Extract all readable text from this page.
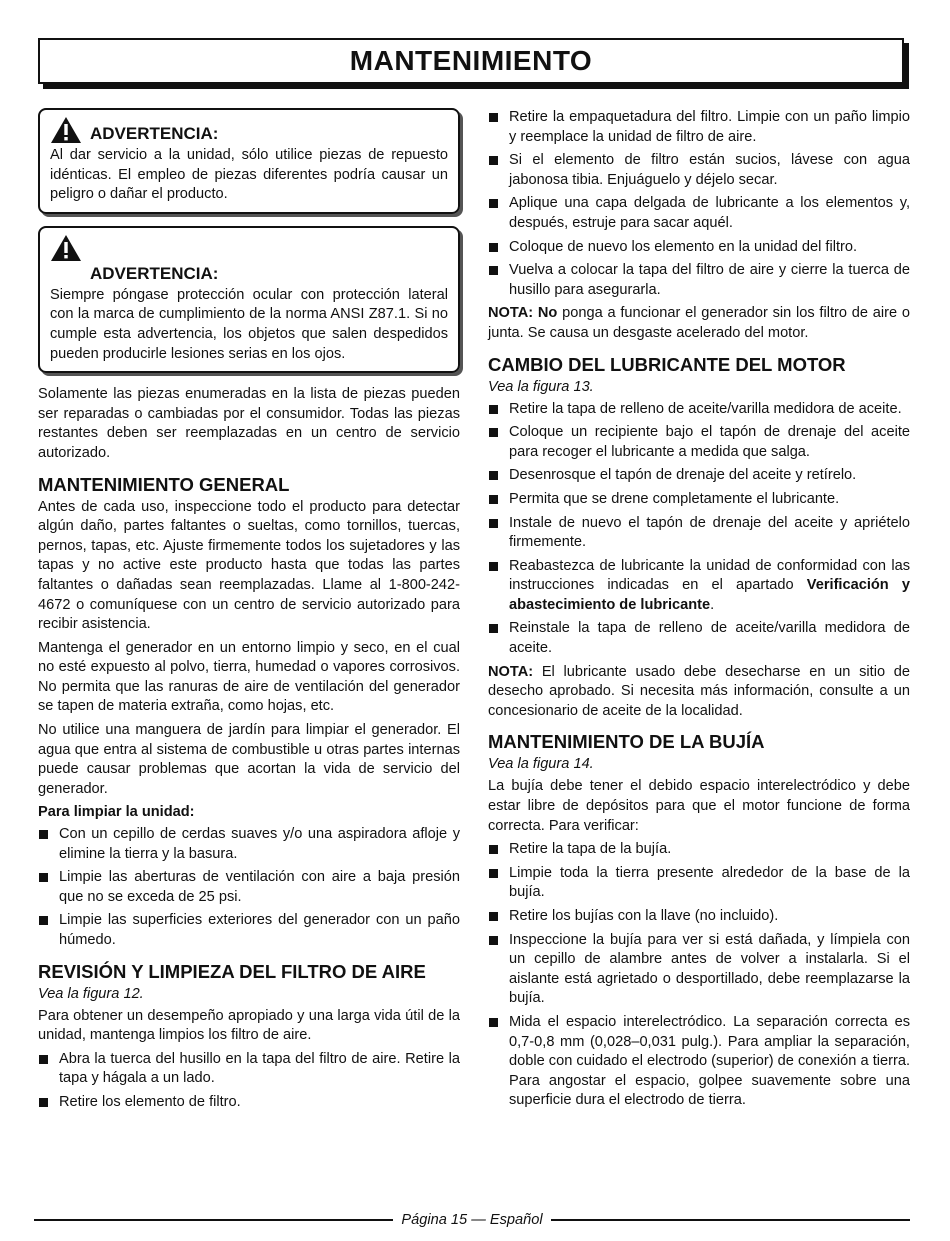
MANTENIMIENTO
ADVERTENCIA:

Al dar servicio a la unidad, sólo utilice piezas de repuesto idénticas. El empleo de piezas diferentes podría causar un peligro o dañar el producto.

ADVERTENCIA:

Siempre póngase protección ocular con protección lateral con la marca de cumplimiento de la norma ANSI Z87.1. Si no cumple esta advertencia, los objetos que salen despedidos pueden producirle lesiones serias en los ojos.

Solamente las piezas enumeradas en la lista de piezas pueden ser reparadas o cambiadas por el consumidor. Todas las piezas restantes deben ser reemplazadas en un centro de servicio autorizado.

MANTENIMIENTO GENERAL

Antes de cada uso, inspeccione todo el producto para detectar algún daño, partes faltantes o sueltas, como tornillos, tuercas, pernos, tapas, etc. Ajuste firmemente todos los sujetadores y las tapas y no active este producto hasta que todas las partes faltantes o dañadas sean reemplazadas. Llame al 1-800-242-4672 o comuníquese con un centro de servicio autorizado para recibir asistencia.

Mantenga el generador en un entorno limpio y seco, en el cual no esté expuesto al polvo, tierra, humedad o vapores corrosivos. No permita que las ranuras de aire de ventilación del generador se tapen de materia extraña, como hojas, etc.

No utilice una manguera de jardín para limpiar el generador. El agua que entra al sistema de combustible u otras partes internas puede causar problemas que acortan la vida de servicio del generador.

Para limpiar la unidad:
Con un cepillo de cerdas suaves y/o una aspiradora afloje y elimine la tierra y la basura.
Limpie las aberturas de ventilación con aire a baja presión que no se exceda de 25 psi.
Limpie las superficies exteriores del generador con un paño húmedo.
REVISIÓN Y LIMPIEZA DEL FILTRO DE AIRE
Vea la figura 12.

Para obtener un desempeño apropiado y una larga vida útil de la unidad, mantenga limpios los filtro de aire.

Abra la tuerca del husillo en la tapa del filtro de aire. Retire la tapa y hágala a un lado.
Retire los elemento de filtro.
Retire la empaquetadura del filtro. Limpie con un paño limpio y reemplace la unidad de filtro de aire.
Si el elemento de filtro están sucios, lávese con agua jabonosa tibia. Enjuáguelo y déjelo secar.
Aplique una capa delgada de lubricante a los elementos y, después, estruje para sacar aquél.
Coloque de nuevo los elemento en la unidad del filtro.
Vuelva a colocar la tapa del filtro de aire y cierre la tuerca de husillo para asegurarla.

NOTA: No ponga a funcionar el generador sin los filtro de aire o junta. Se causa un desgaste acelerado del motor.

CAMBIO DEL LUBRICANTE DEL MOTOR
Vea la figura 13.
Retire la tapa de relleno de aceite/varilla medidora de aceite.
Coloque un recipiente bajo el tapón de drenaje del aceite para recoger el lubricante a medida que salga.
Desenrosque el tapón de drenaje del aceite y retírelo.
Permita que se drene completamente el lubricante.
Instale de nuevo el tapón de drenaje del aceite y apriételo firmemente.
Reabastezca de lubricante la unidad de conformidad con las instrucciones indicadas en el apartado Verificación y abastecimiento de lubricante.
Reinstale la tapa de relleno de aceite/varilla medidora de aceite.

NOTA: El lubricante usado debe desecharse en un sitio de desecho aprobado. Si necesita más información, consulte a un concesionario de aceite de la localidad.

MANTENIMIENTO DE LA BUJÍA
Vea la figura 14.

La bujía debe tener el debido espacio interelectródico y debe estar libre de depósitos para que el motor funcione de forma correcta. Para verificar:

Retire la tapa de la bujía.
Limpie toda la tierra presente alrededor de la base de la bujía.
Retire los bujías con la llave (no incluido).
Inspeccione la bujía para ver si está dañada, y límpiela con un cepillo de alambre antes de volver a instalarla. Si el aislante está agrietado o desportillado, debe reemplazarse la bujía.
Mida el espacio interelectródico. La separación correcta es 0,7-0,8 mm (0,028–0,031 pulg.). Para ampliar la separación, doble con cuidado el electrodo (superior) de conexión a tierra. Para angostar el espacio, golpee suavemente sobre una superficie dura el electrodo de tierra.
Página 15 — Español
